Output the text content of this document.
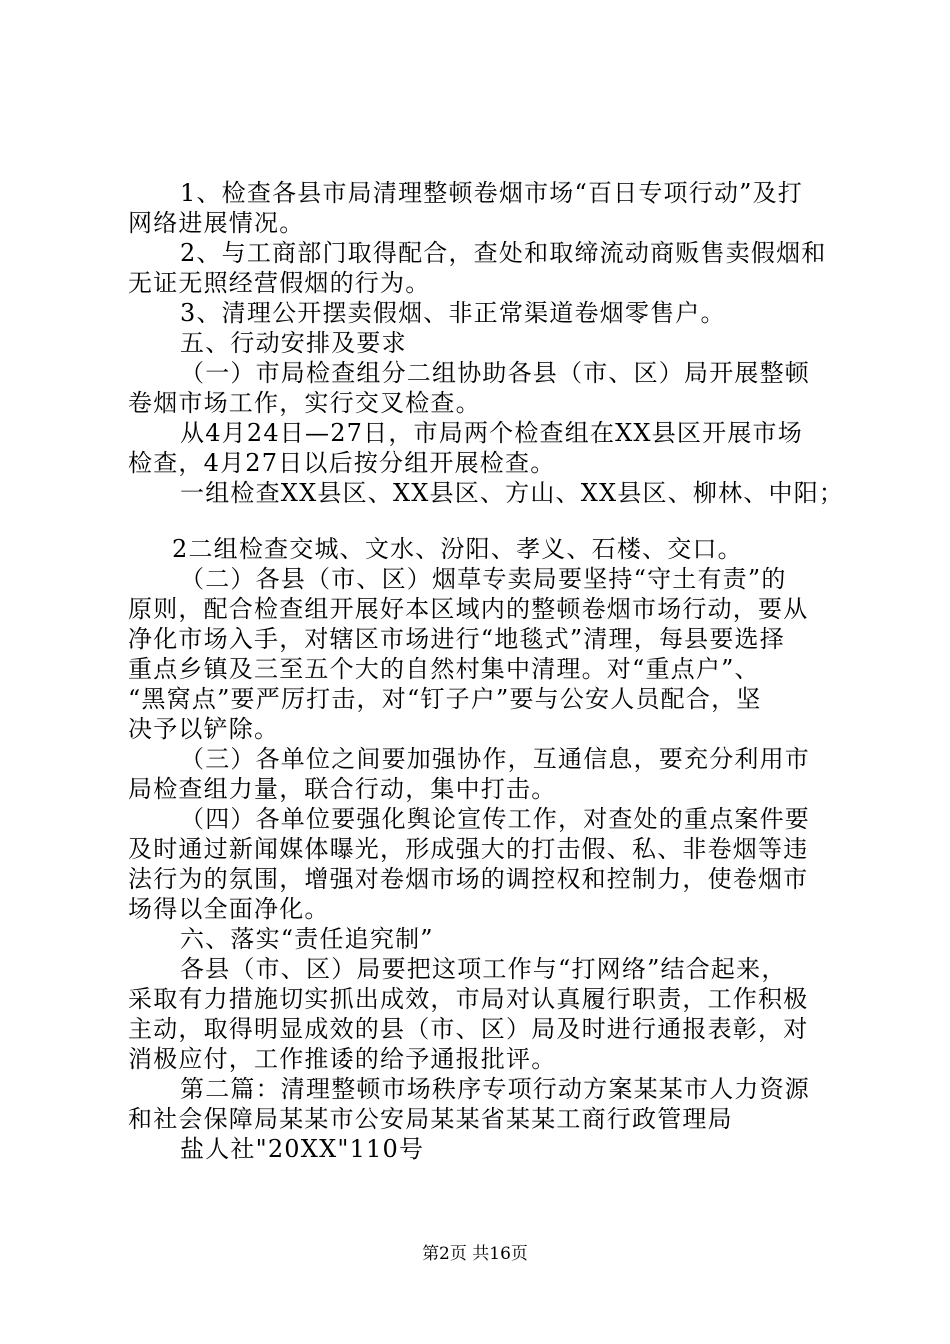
1、检查各县市局清理整顿卷烟市场“百日专项行动”及打
网络进展情况。
2、与工商部门取得配合，查处和取缔流动商贩售卖假烟和
无证无照经营假烟的行为。
3、清理公开摆卖假烟、非正常渠道卷烟零售户。
五、行动安排及要求
（一）市局检查组分二组协助各县（市、区）局开展整顿
卷烟市场工作，实行交叉检查。
从4月24日—27日，市局两个检查组在XX县区开展市场
检查，4月27日以后按分组开展检查。
一组检查XX县区、XX县区、方山、XX县区、柳林、中阳；
2二组检查交城、文水、汾阳、孝义、石楼、交口。
（二）各县（市、区）烟草专卖局要坚持“守土有责”的
原则，配合检查组开展好本区域内的整顿卷烟市场行动，要从
净化市场入手，对辖区市场进行“地毯式”清理，每县要选择
重点乡镇及三至五个大的自然村集中清理。对“重点户”、
“黑窝点”要严厉打击，对“钉子户”要与公安人员配合，坚
决予以铲除。
（三）各单位之间要加强协作，互通信息，要充分利用市
局检查组力量，联合行动，集中打击。
（四）各单位要强化舆论宣传工作，对查处的重点案件要
及时通过新闻媒体曝光，形成强大的打击假、私、非卷烟等违
法行为的氛围，增强对卷烟市场的调控权和控制力，使卷烟市
场得以全面净化。
六、落实“责任追究制”
各县（市、区）局要把这项工作与“打网络”结合起来，
采取有力措施切实抓出成效，市局对认真履行职责，工作积极
主动，取得明显成效的县（市、区）局及时进行通报表彰，对
消极应付，工作推诿的给予通报批评。
第二篇：清理整顿市场秩序专项行动方案某某市人力资源
和社会保障局某某市公安局某某省某某工商行政管理局
盐人社"20XX"110号
第2页 共16页
